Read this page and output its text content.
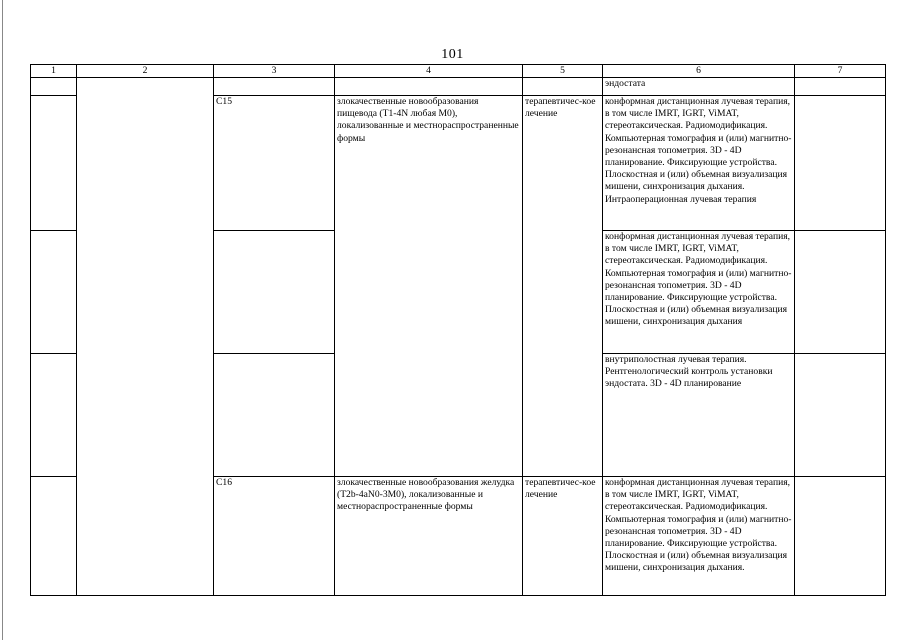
101
1	2	3	4	5	6	7
					эндостата	
		C15	злокачественные новообразования пищевода (T1-4N любая M0), локализованные и местнораспространенные формы	терапевтичес-кое лечение	конформная дистанционная лучевая терапия, в том числе IMRT, IGRT, ViMAT, стереотаксическая. Радиомодификация. Компьютерная томография и (или) магнитно-резонансная топометрия. 3D - 4D планирование. Фиксирующие устройства. Плоскостная и (или) объемная визуализация мишени, синхронизация дыхания. Интраоперационная лучевая терапия	
					конформная дистанционная лучевая терапия, в том числе IMRT, IGRT, ViMAT, стереотаксическая. Радиомодификация. Компьютерная томография и (или) магнитно-резонансная топометрия. 3D - 4D планирование. Фиксирующие устройства. Плоскостная и (или) объемная визуализация мишени, синхронизация дыхания	
					внутриполостная лучевая терапия. Рентгенологический контроль установки эндостата. 3D - 4D планирование	
		C16	злокачественные новообразования желудка (T2b-4aN0-3M0), локализованные и местнораспространенные формы	терапевтичес-кое лечение	конформная дистанционная лучевая терапия, в том числе IMRT, IGRT, ViMAT, стереотаксическая. Радиомодификация. Компьютерная томография и (или) магнитно-резонансная топометрия. 3D - 4D планирование. Фиксирующие устройства. Плоскостная и (или) объемная визуализация мишени, синхронизация дыхания.	
